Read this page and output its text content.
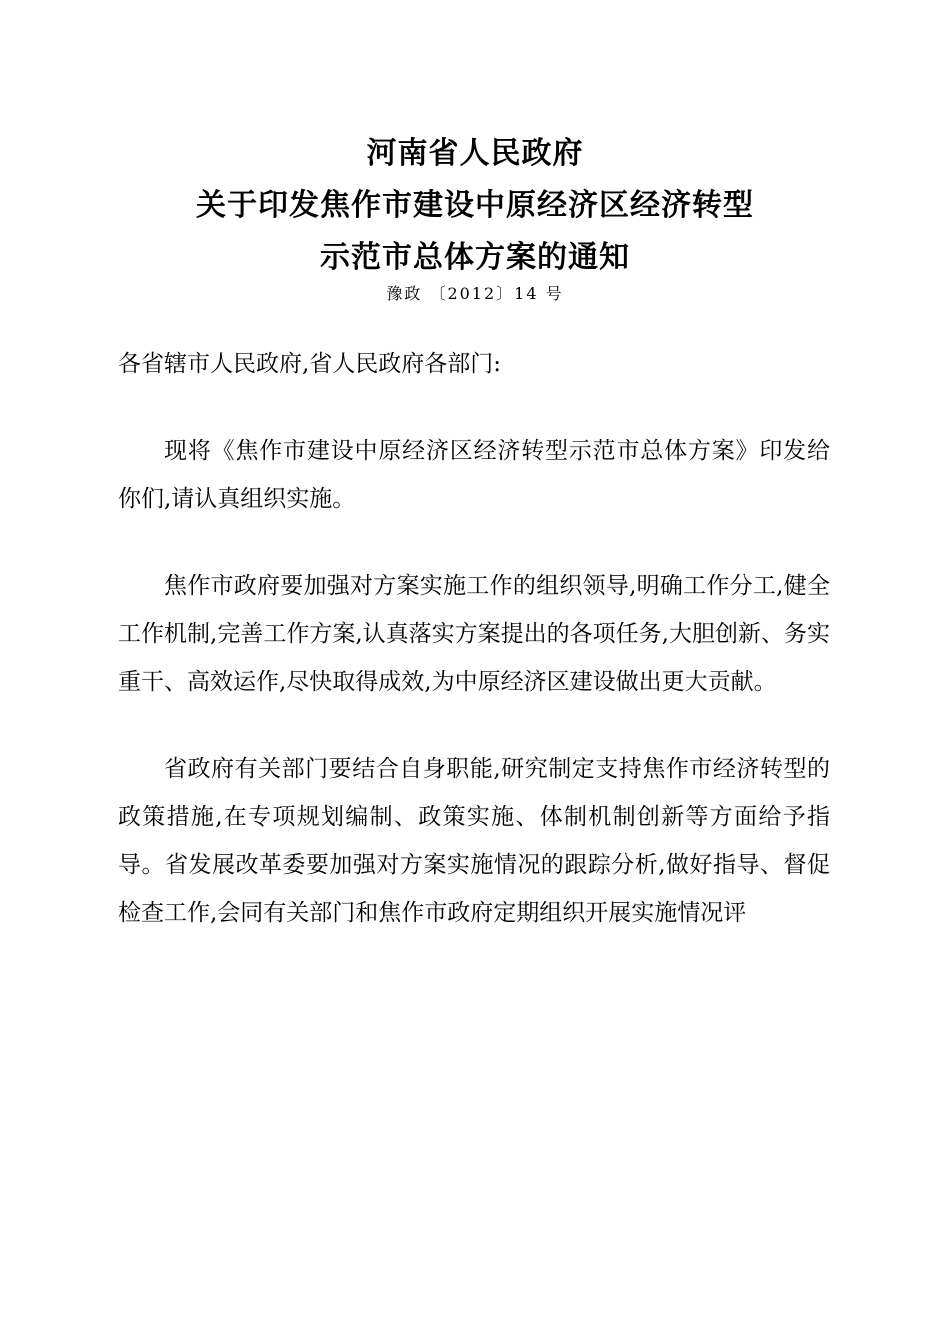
河南省人民政府
关于印发焦作市建设中原经济区经济转型
示范市总体方案的通知
豫政 〔2012〕14 号

各省辖市人民政府,省人民政府各部门:

现将《焦作市建设中原经济区经济转型示范市总体方案》印发给你们,请认真组织实施。

焦作市政府要加强对方案实施工作的组织领导,明确工作分工,健全工作机制,完善工作方案,认真落实方案提出的各项任务,大胆创新、务实重干、高效运作,尽快取得成效,为中原经济区建设做出更大贡献。

省政府有关部门要结合自身职能,研究制定支持焦作市经济转型的政策措施,在专项规划编制、政策实施、体制机制创新等方面给予指导。省发展改革委要加强对方案实施情况的跟踪分析,做好指导、督促检查工作,会同有关部门和焦作市政府定期组织开展实施情况评
